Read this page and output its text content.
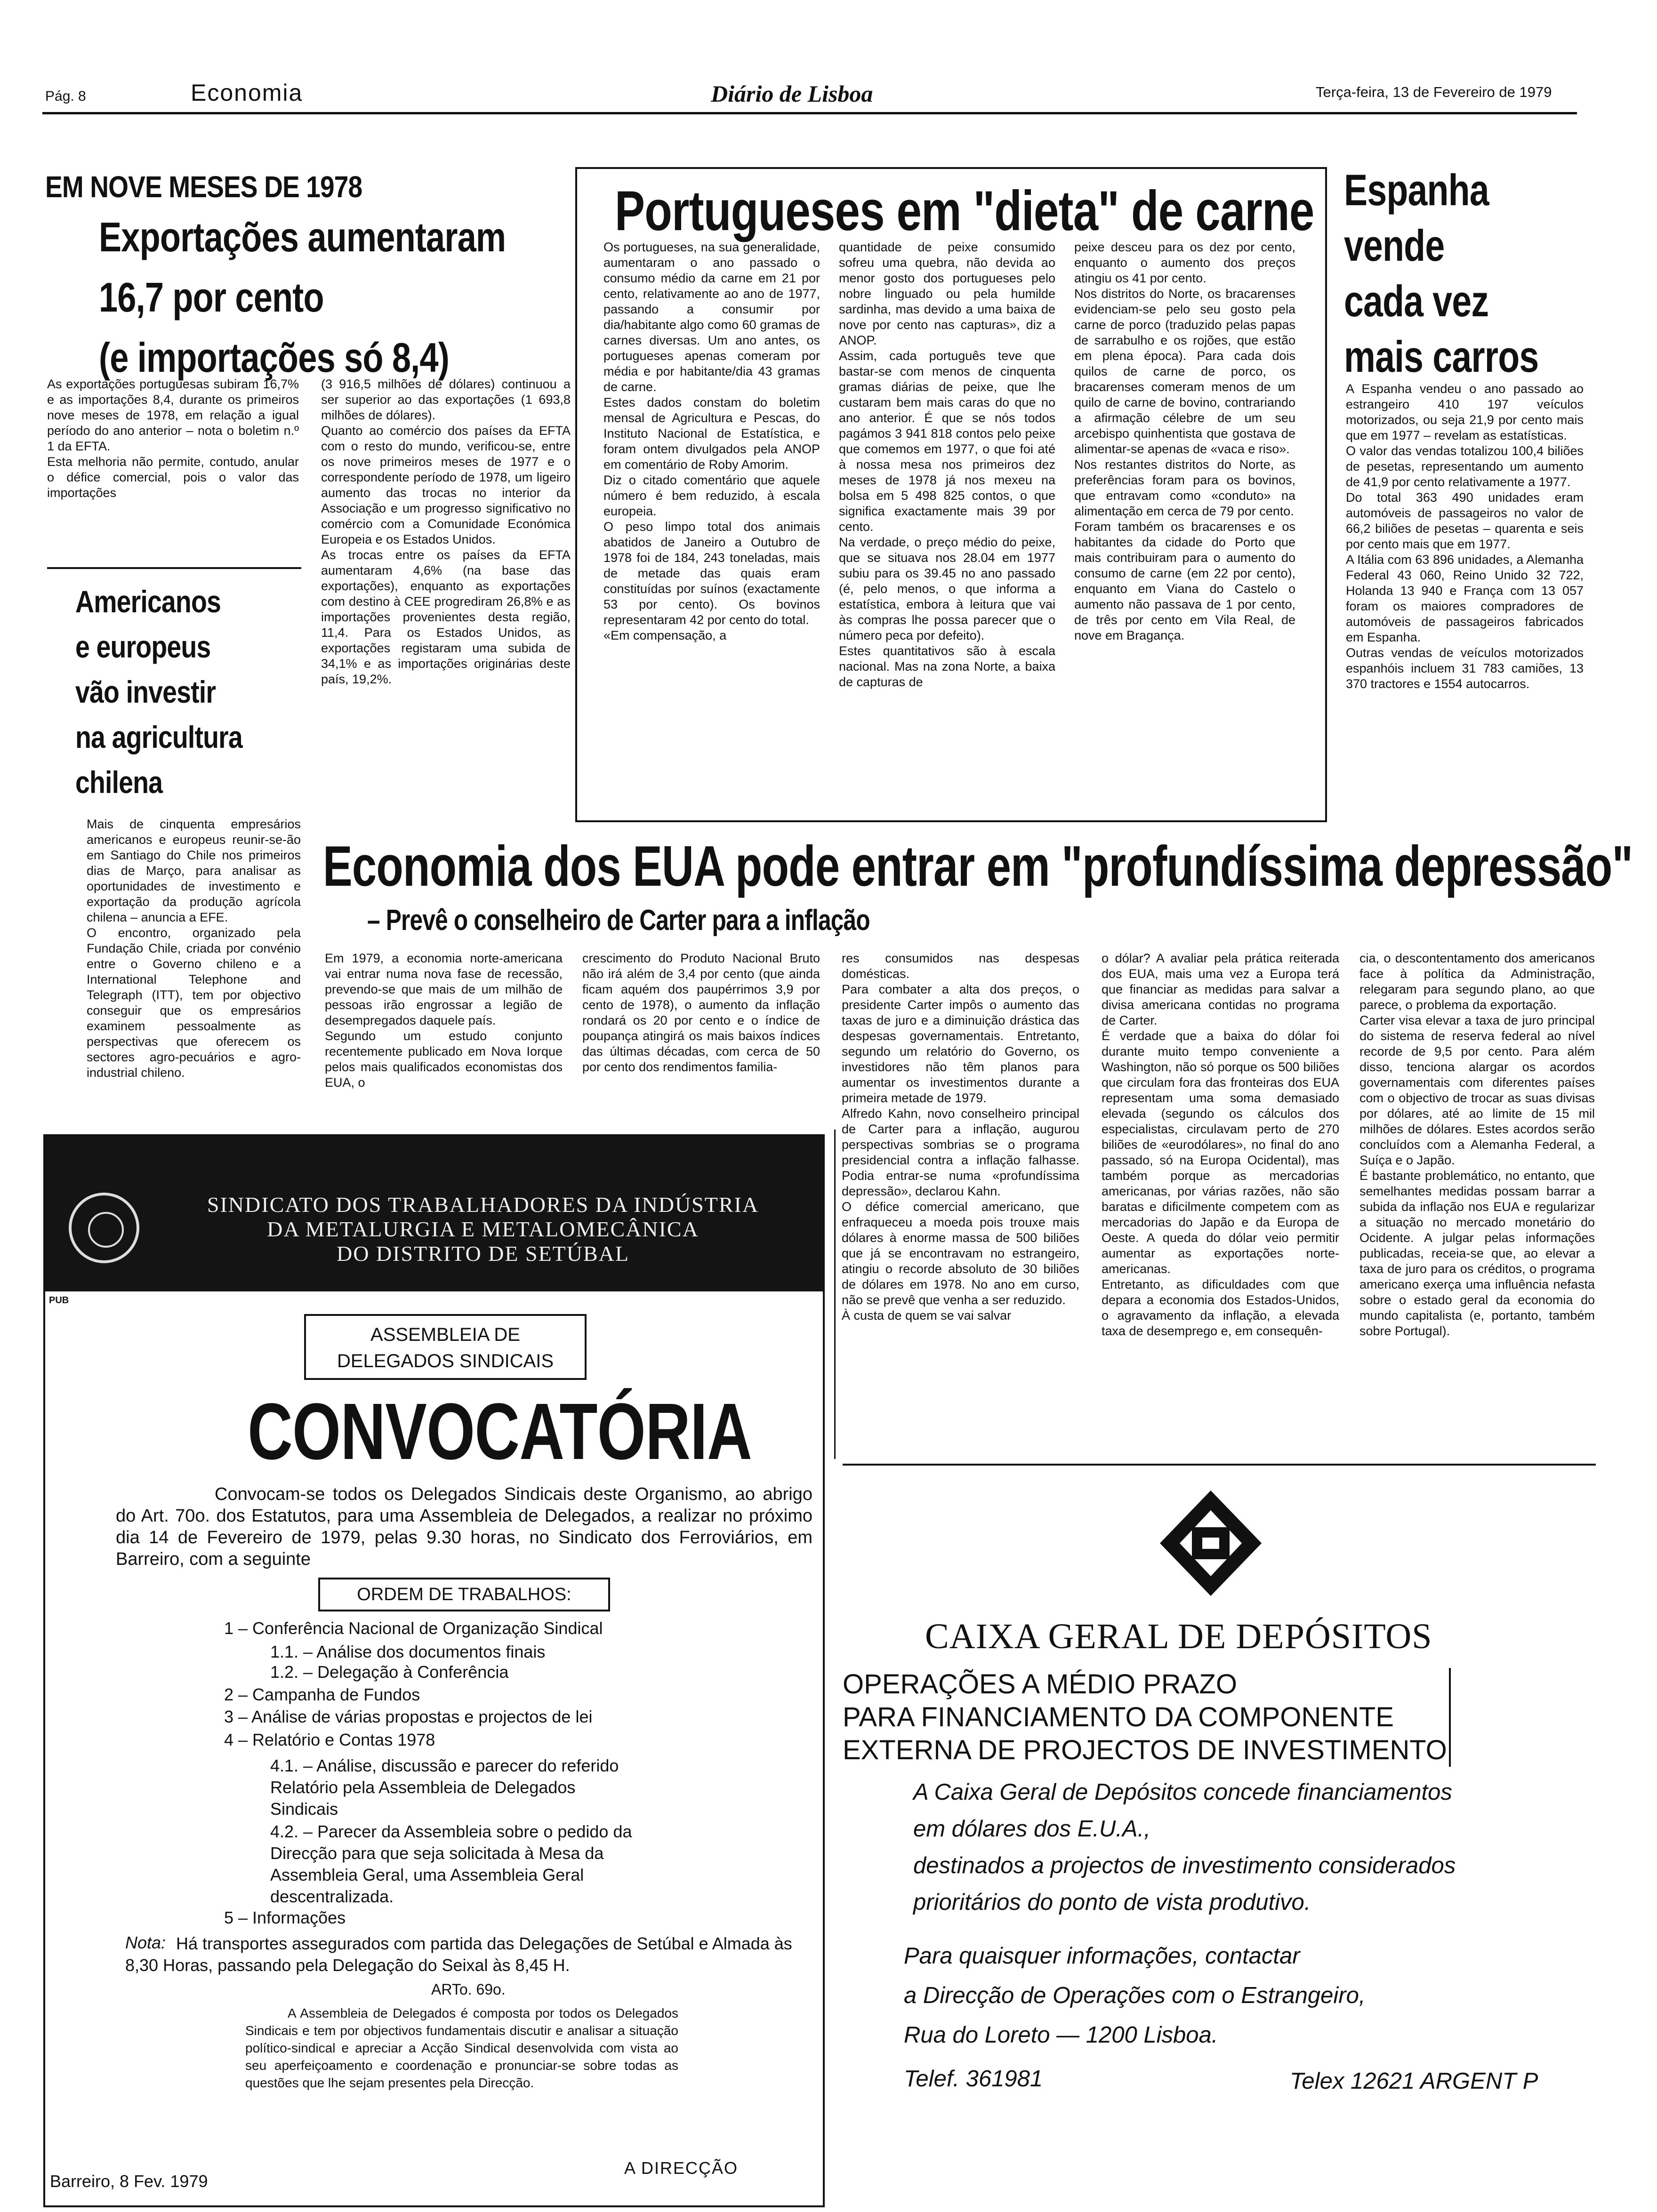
Pág. 8	Economia	Diário de Lisboa	Terça-feira, 13 de Fevereiro de 1979
EM NOVE MESES DE 1978
Exportações aumentaram
16,7 por cento
(e importações só 8,4)
As exportações portuguesas subiram 16,7% e as importações 8,4, durante os primeiros nove meses de 1978, em relação a igual período do ano anterior – nota o boletim n.º 1 da EFTA.
Esta melhoria não permite, contudo, anular o défice comercial, pois o valor das importações
(3 916,5 milhões de dólares) continuou a ser superior ao das exportações (1 693,8 milhões de dólares).
Quanto ao comércio dos países da EFTA com o resto do mundo, verificou-se, entre os nove primeiros meses de 1977 e o correspondente período de 1978, um ligeiro aumento das trocas no interior da Associação e um progresso significativo no comércio com a Comunidade Económica Europeia e os Estados Unidos.
As trocas entre os países da EFTA aumentaram 4,6% (na base das exportações), enquanto as exportações com destino à CEE progrediram 26,8% e as importações provenientes desta região, 11,4. Para os Estados Unidos, as exportações registaram uma subida de 34,1% e as importações originárias deste país, 19,2%.
Americanos
e europeus
vão investir
na agricultura
chilena
Mais de cinquenta empresários americanos e europeus reunir-se-ão em Santiago do Chile nos primeiros dias de Março, para analisar as oportunidades de investimento e exportação da produção agrícola chilena – anuncia a EFE.
O encontro, organizado pela Fundação Chile, criada por convénio entre o Governo chileno e a International Telephone and Telegraph (ITT), tem por objectivo conseguir que os empresários examinem pessoalmente as perspectivas que oferecem os sectores agro-pecuários e agro-industrial chileno.
Portugueses em "dieta" de carne
Os portugueses, na sua generalidade, aumentaram o ano passado o consumo médio da carne em 21 por cento, relativamente ao ano de 1977, passando a consumir por dia/habitante algo como 60 gramas de carnes diversas. Um ano antes, os portugueses apenas comeram por média e por habitante/dia 43 gramas de carne.
Estes dados constam do boletim mensal de Agricultura e Pescas, do Instituto Nacional de Estatística, e foram ontem divulgados pela ANOP em comentário de Roby Amorim.
Diz o citado comentário que aquele número é bem reduzido, à escala europeia.
O peso limpo total dos animais abatidos de Janeiro a Outubro de 1978 foi de 184, 243 toneladas, mais de metade das quais eram constituídas por suínos (exactamente 53 por cento). Os bovinos representaram 42 por cento do total.
«Em compensação, a
quantidade de peixe consumido sofreu uma quebra, não devida ao menor gosto dos portugueses pelo nobre linguado ou pela humilde sardinha, mas devido a uma baixa de nove por cento nas capturas», diz a ANOP.
Assim, cada português teve que bastar-se com menos de cinquenta gramas diárias de peixe, que lhe custaram bem mais caras do que no ano anterior. É que se nós todos pagámos 3 941 818 contos pelo peixe que comemos em 1977, o que foi até à nossa mesa nos primeiros dez meses de 1978 já nos mexeu na bolsa em 5 498 825 contos, o que significa exactamente mais 39 por cento.
Na verdade, o preço médio do peixe, que se situava nos 28.04 em 1977 subiu para os 39.45 no ano passado (é, pelo menos, o que informa a estatística, embora à leitura que vai às compras lhe possa parecer que o número peca por defeito).
Estes quantitativos são à escala nacional. Mas na zona Norte, a baixa de capturas de
peixe desceu para os dez por cento, enquanto o aumento dos preços atingiu os 41 por cento.
Nos distritos do Norte, os bracarenses evidenciam-se pelo seu gosto pela carne de porco (traduzido pelas papas de sarrabulho e os rojões, que estão em plena época). Para cada dois quilos de carne de porco, os bracarenses comeram menos de um quilo de carne de bovino, contrariando a afirmação célebre de um seu arcebispo quinhentista que gostava de alimentar-se apenas de «vaca e riso».
Nos restantes distritos do Norte, as preferências foram para os bovinos, que entravam como «conduto» na alimentação em cerca de 79 por cento.
Foram também os bracarenses e os habitantes da cidade do Porto que mais contribuiram para o aumento do consumo de carne (em 22 por cento), enquanto em Viana do Castelo o aumento não passava de 1 por cento, de três por cento em Vila Real, de nove em Bragança.
Espanha
vende
cada vez
mais carros
A Espanha vendeu o ano passado ao estrangeiro 410 197 veículos motorizados, ou seja 21,9 por cento mais que em 1977 – revelam as estatísticas.
O valor das vendas totalizou 100,4 biliões de pesetas, representando um aumento de 41,9 por cento relativamente a 1977.
Do total 363 490 unidades eram automóveis de passageiros no valor de 66,2 biliões de pesetas – quarenta e seis por cento mais que em 1977.
A Itália com 63 896 unidades, a Alemanha Federal 43 060, Reino Unido 32 722, Holanda 13 940 e França com 13 057 foram os maiores compradores de automóveis de passageiros fabricados em Espanha.
Outras vendas de veículos motorizados espanhóis incluem 31 783 camiões, 13 370 tractores e 1554 autocarros.
Economia dos EUA pode entrar em "profundíssima depressão"
– Prevê o conselheiro de Carter para a inflação
Em 1979, a economia norte-americana vai entrar numa nova fase de recessão, prevendo-se que mais de um milhão de pessoas irão engrossar a legião de desempregados daquele país.
Segundo um estudo conjunto recentemente publicado em Nova Iorque pelos mais qualificados economistas dos EUA, o
crescimento do Produto Nacional Bruto não irá além de 3,4 por cento (que ainda ficam aquém dos paupérrimos 3,9 por cento de 1978), o aumento da inflação rondará os 20 por cento e o índice de poupança atingirá os mais baixos índices das últimas décadas, com cerca de 50 por cento dos rendimentos familia-
res consumidos nas despesas domésticas.
Para combater a alta dos preços, o presidente Carter impôs o aumento das taxas de juro e a diminuição drástica das despesas governamentais. Entretanto, segundo um relatório do Governo, os investidores não têm planos para aumentar os investimentos durante a primeira metade de 1979.
Alfredo Kahn, novo conselheiro principal de Carter para a inflação, augurou perspectivas sombrias se o programa presidencial contra a inflação falhasse. Podia entrar-se numa «profundíssima depressão», declarou Kahn.
O défice comercial americano, que enfraqueceu a moeda pois trouxe mais dólares à enorme massa de 500 biliões que já se encontravam no estrangeiro, atingiu o recorde absoluto de 30 biliões de dólares em 1978. No ano em curso, não se prevê que venha a ser reduzido.
À custa de quem se vai salvar
o dólar? A avaliar pela prática reiterada dos EUA, mais uma vez a Europa terá que financiar as medidas para salvar a divisa americana contidas no programa de Carter.
É verdade que a baixa do dólar foi durante muito tempo conveniente a Washington, não só porque os 500 biliões que circulam fora das fronteiras dos EUA representam uma soma demasiado elevada (segundo os cálculos dos especialistas, circulavam perto de 270 biliões de «eurodólares», no final do ano passado, só na Europa Ocidental), mas também porque as mercadorias americanas, por várias razões, não são baratas e dificilmente competem com as mercadorias do Japão e da Europa de Oeste. A queda do dólar veio permitir aumentar as exportações norte-americanas.
Entretanto, as dificuldades com que depara a economia dos Estados-Unidos, o agravamento da inflação, a elevada taxa de desemprego e, em consequên-
cia, o descontentamento dos americanos face à política da Administração, relegaram para segundo plano, ao que parece, o problema da exportação.
Carter visa elevar a taxa de juro principal do sistema de reserva federal ao nível recorde de 9,5 por cento. Para além disso, tenciona alargar os acordos governamentais com diferentes países com o objectivo de trocar as suas divisas por dólares, até ao limite de 15 mil milhões de dólares. Estes acordos serão concluídos com a Alemanha Federal, a Suíça e o Japão.
É bastante problemático, no entanto, que semelhantes medidas possam barrar a subida da inflação nos EUA e regularizar a situação no mercado monetário do Ocidente. A julgar pelas informações publicadas, receia-se que, ao elevar a taxa de juro para os créditos, o programa americano exerça uma influência nefasta sobre o estado geral da economia do mundo capitalista (e, portanto, também sobre Portugal).
SINDICATO DOS TRABALHADORES DA INDÚSTRIA
DA METALURGIA E METALOMECÂNICA
DO DISTRITO DE SETÚBAL
PUB
ASSEMBLEIA DE
DELEGADOS SINDICAIS
CONVOCATÓRIA
Convocam-se todos os Delegados Sindicais deste Organismo, ao abrigo do Art. 70o. dos Estatutos, para uma Assembleia de Delegados, a realizar no próximo dia 14 de Fevereiro de 1979, pelas 9.30 horas, no Sindicato dos Ferroviários, em Barreiro, com a seguinte
ORDEM DE TRABALHOS:
1 – Conferência Nacional de Organização Sindical
1.1. – Análise dos documentos finais
1.2. – Delegação à Conferência
2 – Campanha de Fundos
3 – Análise de várias propostas e projectos de lei
4 – Relatório e Contas 1978
4.1. – Análise, discussão e parecer do referido Relatório pela Assembleia de Delegados Sindicais
4.2. – Parecer da Assembleia sobre o pedido da Direcção para que seja solicitada à Mesa da Assembleia Geral, uma Assembleia Geral descentralizada.
5 – Informações
Nota: Há transportes assegurados com partida das Delegações de Setúbal e Almada às 8,30 Horas, passando pela Delegação do Seixal às 8,45 H.
ARTo. 69o.
A Assembleia de Delegados é composta por todos os Delegados Sindicais e tem por objectivos fundamentais discutir e analisar a situação político-sindical e apreciar a Acção Sindical desenvolvida com vista ao seu aperfeiçoamento e coordenação e pronunciar-se sobre todas as questões que lhe sejam presentes pela Direcção.
Barreiro, 8 Fev. 1979
A DIRECÇÃO
CAIXA GERAL DE DEPÓSITOS
OPERAÇÕES A MÉDIO PRAZO
PARA FINANCIAMENTO DA COMPONENTE
EXTERNA DE PROJECTOS DE INVESTIMENTO
A Caixa Geral de Depósitos concede financiamentos
em dólares dos E.U.A.,
destinados a projectos de investimento considerados
prioritários do ponto de vista produtivo.
Para quaisquer informações, contactar
a Direcção de Operações com o Estrangeiro,
Rua do Loreto — 1200 Lisboa.
Telef. 361981	Telex 12621 ARGENT P
